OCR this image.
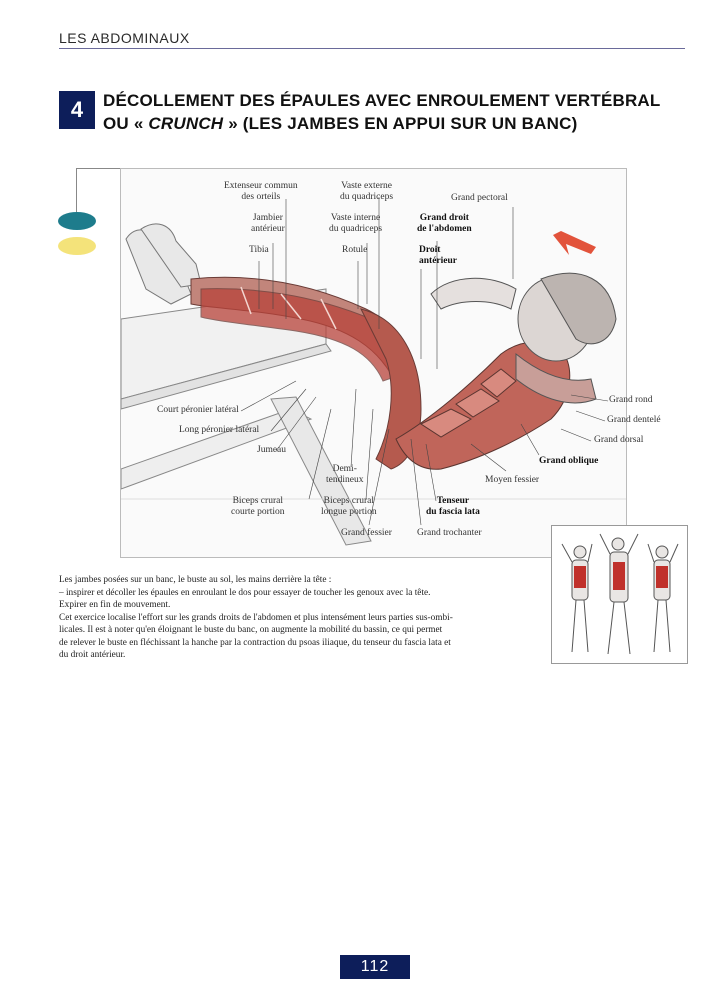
LES ABDOMINAUX
4	DÉCOLLEMENT DES ÉPAULES AVEC ENROULEMENT VERTÉBRAL
OU « CRUNCH » (LES JAMBES EN APPUI SUR UN BANC)
Extenseur commun
des orteils
Vaste externe
du quadriceps	Grand pectoral
Jambier
antérieur
Vaste interne
du quadriceps
Grand droit
de l'abdomen
Tibia	Rotule	Droit
antérieur
Court péronier latéral
Long péronier latéral
Jumeau
Demi-
tendineux
Biceps crural
courte portion
Biceps crural
longue portion
Tenseur
du fascia lata
Grand fessier	Grand trochanter
Moyen fessier
Grand oblique
Grand rond
Grand dentelé
Grand dorsal

Les jambes posées sur un banc, le buste au sol, les mains derrière la tête :

– inspirer et décoller les épaules en enroulant le dos pour essayer de toucher les genoux avec la tête.

Expirer en fin de mouvement.

Cet exercice localise l'effort sur les grands droits de l'abdomen et plus intensément leurs parties sus-ombi-

licales. Il est à noter qu'en éloignant le buste du banc, on augmente la mobilité du bassin, ce qui permet

de relever le buste en fléchissant la hanche par la contraction du psoas iliaque, du tenseur du fascia lata et

du droit antérieur.

112
